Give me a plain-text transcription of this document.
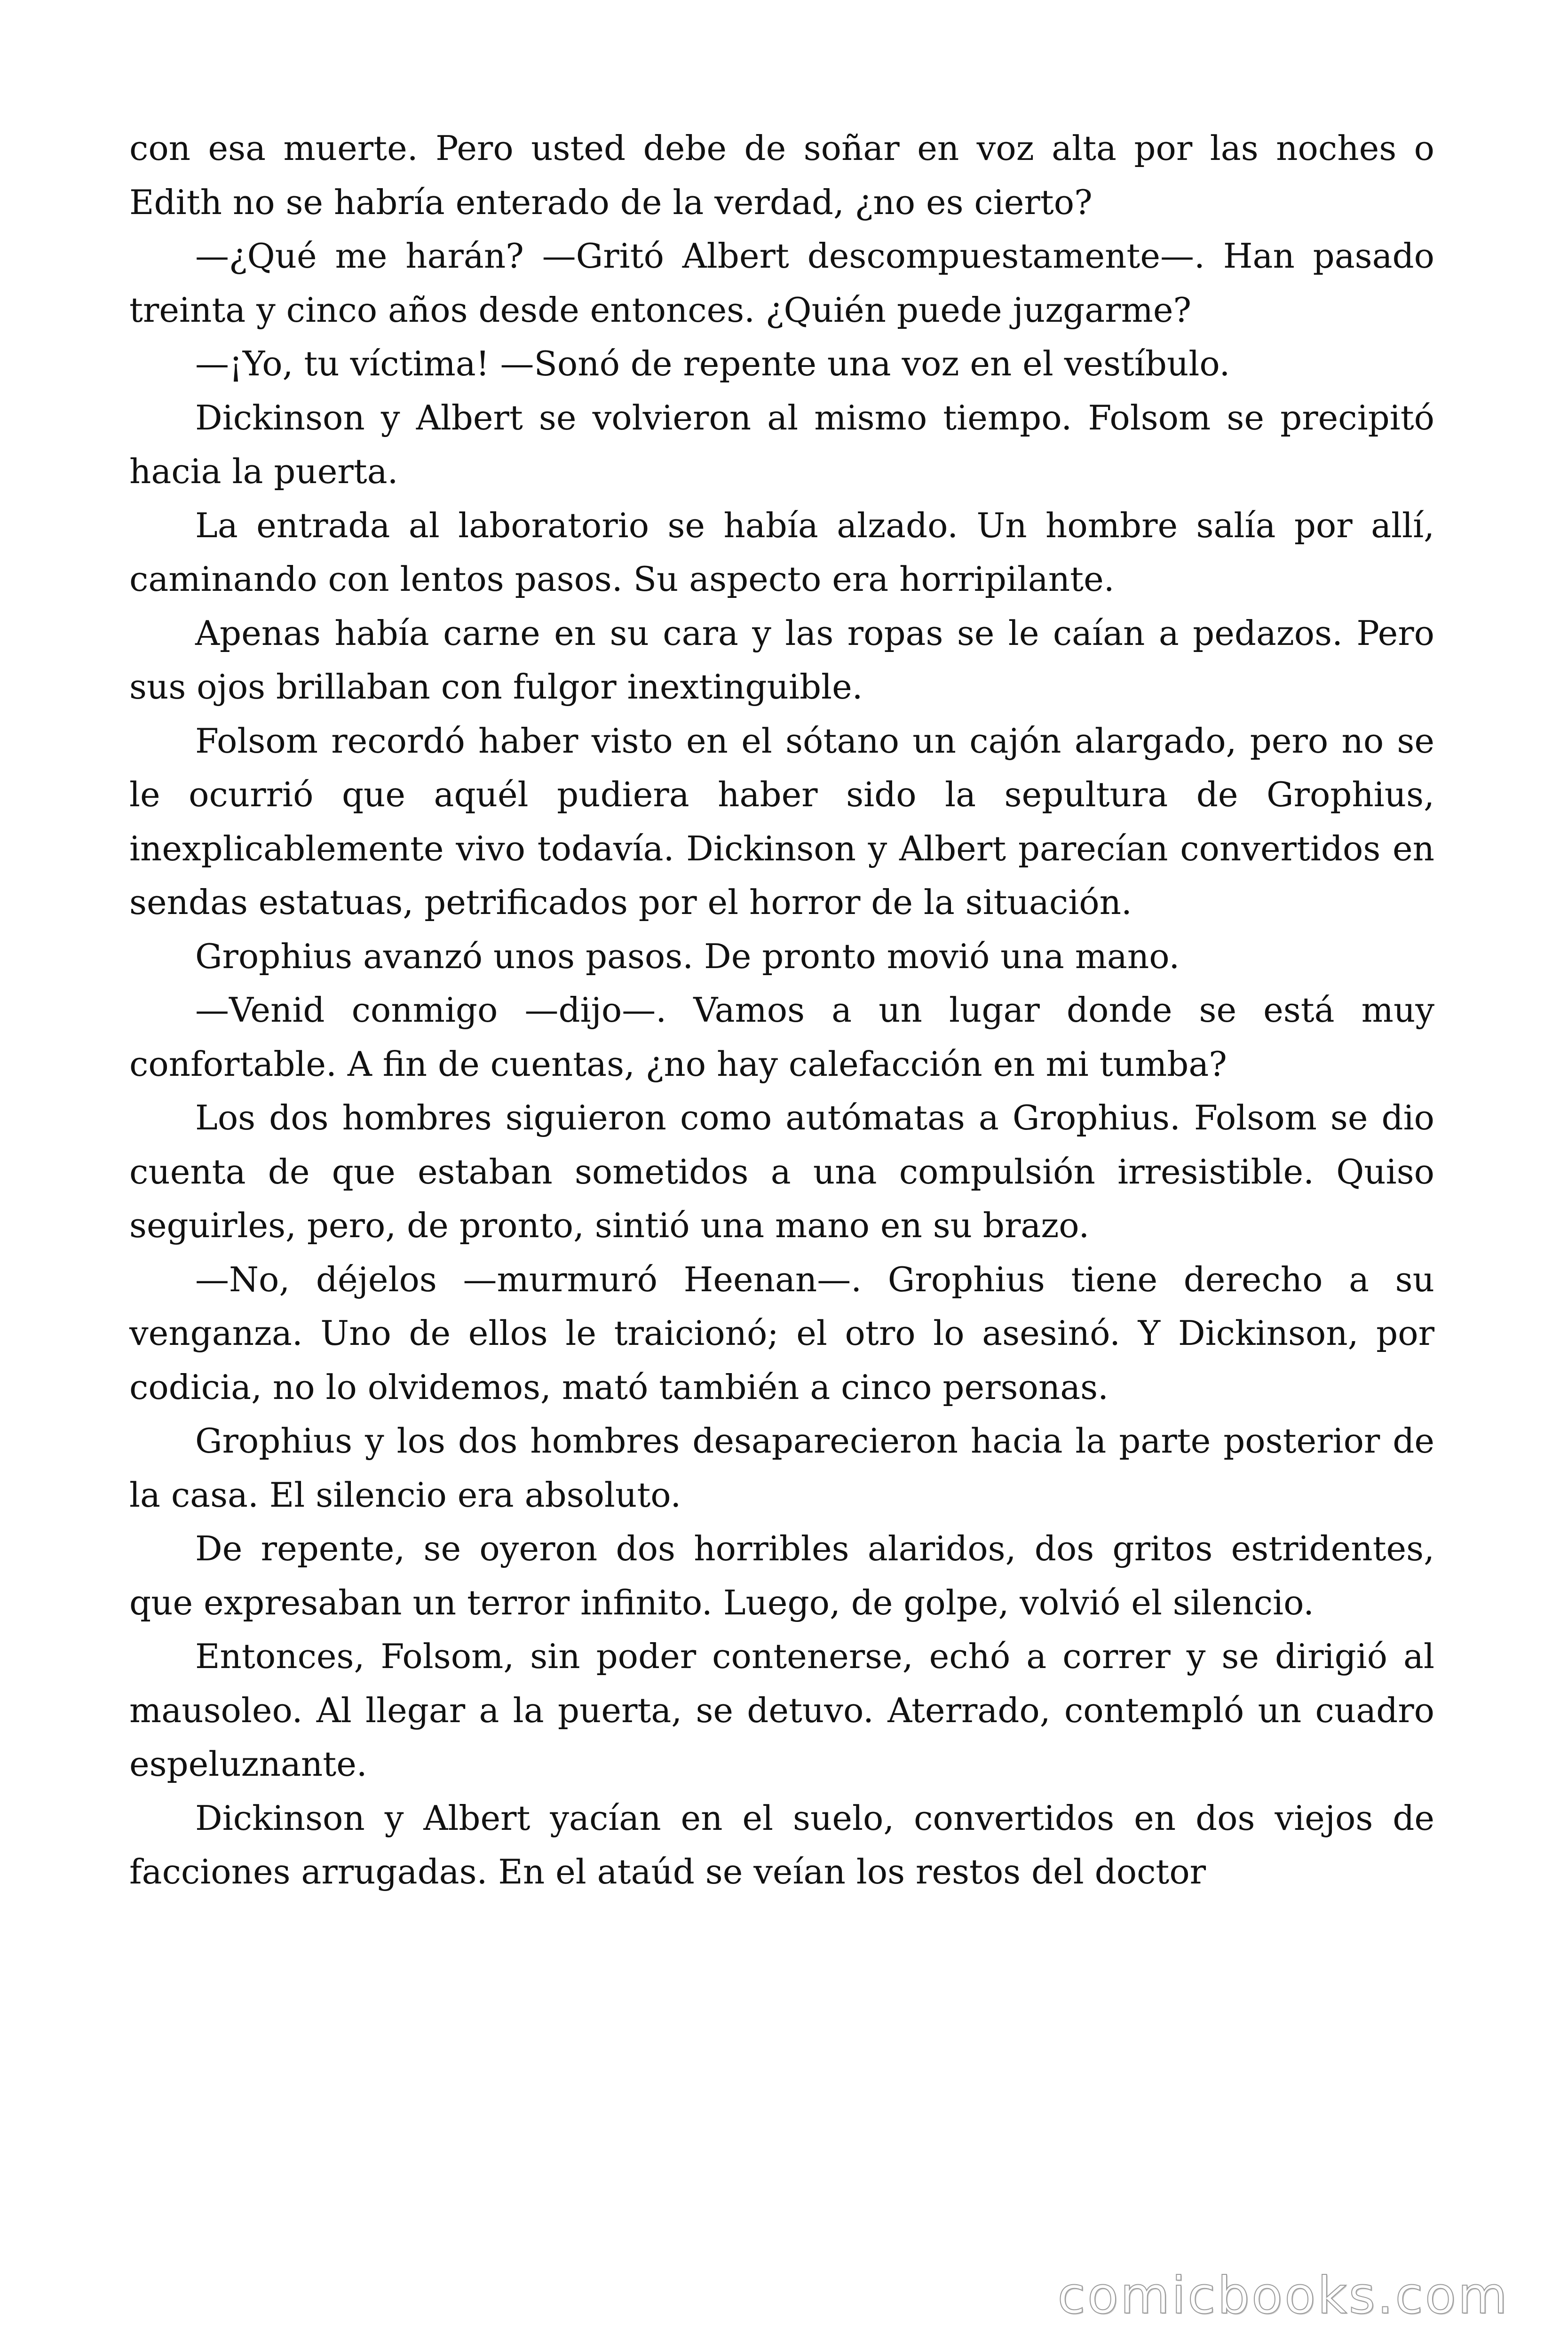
con esa muerte. Pero usted debe de soñar en voz alta por las noches o Edith no se habría enterado de la verdad, ¿no es cierto?

—¿Qué me harán? —Gritó Albert descompuestamente—. Han pasado treinta y cinco años desde entonces. ¿Quién puede juzgarme?

—¡Yo, tu víctima! —Sonó de repente una voz en el vestíbulo.

Dickinson y Albert se volvieron al mismo tiempo. Folsom se precipitó hacia la puerta.

La entrada al laboratorio se había alzado. Un hombre salía por allí, caminando con lentos pasos. Su aspecto era horripilante.

Apenas había carne en su cara y las ropas se le caían a pedazos. Pero sus ojos brillaban con fulgor inextinguible.

Folsom recordó haber visto en el sótano un cajón alargado, pero no se le ocurrió que aquél pudiera haber sido la sepultura de Grophius, inexplicablemente vivo todavía. Dickinson y Albert parecían convertidos en sendas estatuas, petrificados por el horror de la situación.

Grophius avanzó unos pasos. De pronto movió una mano.

—Venid conmigo —dijo—. Vamos a un lugar donde se está muy confortable. A fin de cuentas, ¿no hay calefacción en mi tumba?

Los dos hombres siguieron como autómatas a Grophius. Folsom se dio cuenta de que estaban sometidos a una compulsión irresistible. Quiso seguirles, pero, de pronto, sintió una mano en su brazo.

—No, déjelos —murmuró Heenan—. Grophius tiene derecho a su venganza. Uno de ellos le traicionó; el otro lo asesinó. Y Dickinson, por codicia, no lo olvidemos, mató también a cinco personas.

Grophius y los dos hombres desaparecieron hacia la parte posterior de la casa. El silencio era absoluto.

De repente, se oyeron dos horribles alaridos, dos gritos estridentes, que expresaban un terror infinito. Luego, de golpe, volvió el silencio.

Entonces, Folsom, sin poder contenerse, echó a correr y se dirigió al mausoleo. Al llegar a la puerta, se detuvo. Aterrado, contempló un cuadro espeluznante.

Dickinson y Albert yacían en el suelo, convertidos en dos viejos de facciones arrugadas. En el ataúd se veían los restos del doctor

comicbooks.com
